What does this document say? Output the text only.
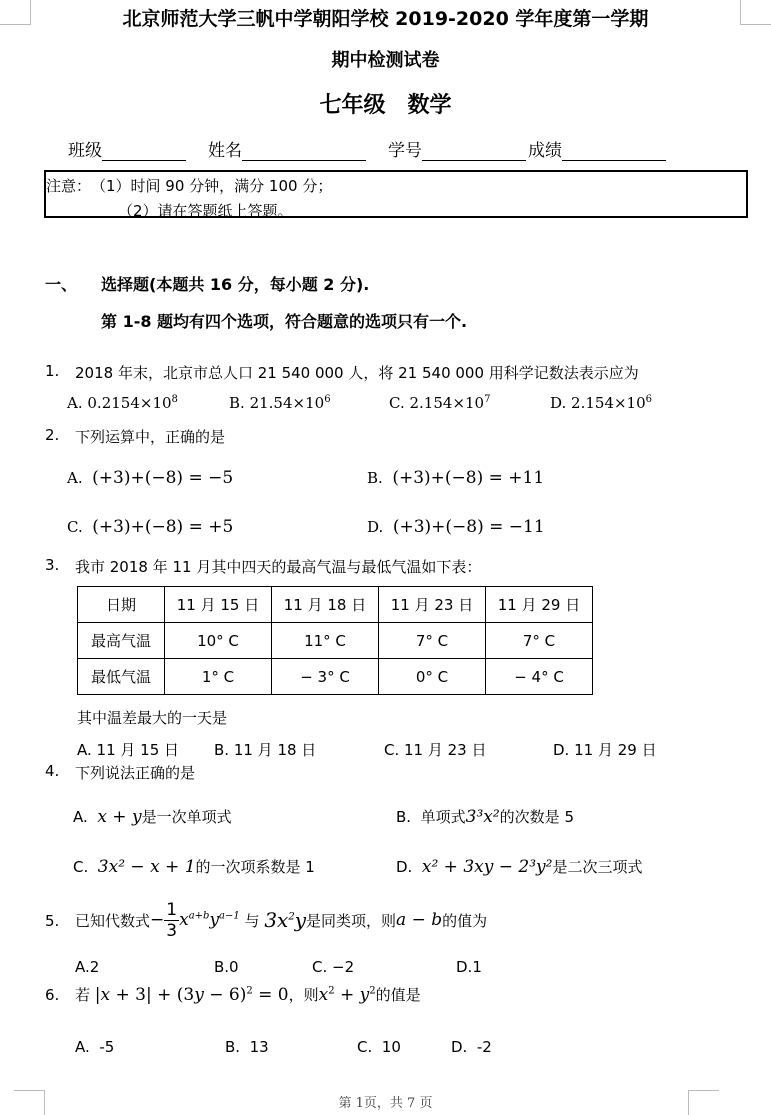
北京师范大学三帆中学朝阳学校 2019-2020 学年度第一学期
期中检测试卷
七年级　数学
班级	姓名	学号	成绩
注意：　（1）时间 90 分钟，满分 100 分；
（2）请在答题纸上答题。
一、 选择题(本题共 16 分，每小题 2 分).
第 1-8 题均有四个选项，符合题意的选项只有一个.
1. 2018 年末，北京市总人口 21 540 000 人，将 21 540 000 用科学记数法表示应为
A. $0.2154\times 10^8$	B. $21.54\times 10^6$	C. $2.154\times 10^7$	D. $2.154\times 10^6$
2. 下列运算中，正确的是
A. (+3)+(−8) = −5	B. (+3)+(−8) = +11
C. (+3)+(−8) = +5	D. (+3)+(−8) = −11
3. 我市 2018 年 11 月其中四天的最高气温与最低气温如下表：
日期	11 月 15 日	11 月 18 日	11 月 23 日	11 月 29 日
最高气温	10° C	11° C	7° C	7° C
最低气温	1° C	− 3° C	0° C	− 4° C
其中温差最大的一天是
A. 11 月 15 日 B. 11 月 18 日	C. 11 月 23 日	D. 11 月 29 日
4. 下列说法正确的是
A. x + y是一次单项式	B. 单项式3³x²的次数是 5
C. 3x² − x + 1的一次项系数是 1	D. x² + 3xy − 2³y²是二次三项式
5. 已知代数式 − $\frac{1}{3} x^{a+b}y^{a-1}$
与
$3x^2y$ 是同类项，则 a − b 的值为
A.2	B.0	C. −2	D.1
6. 若 $|x + 3| + (3y - 6)^2 = 0$，则$x^2 + y^2$的值是
A. -5	B. 13	C. 10	D. -2
第 1页，共 7 页
